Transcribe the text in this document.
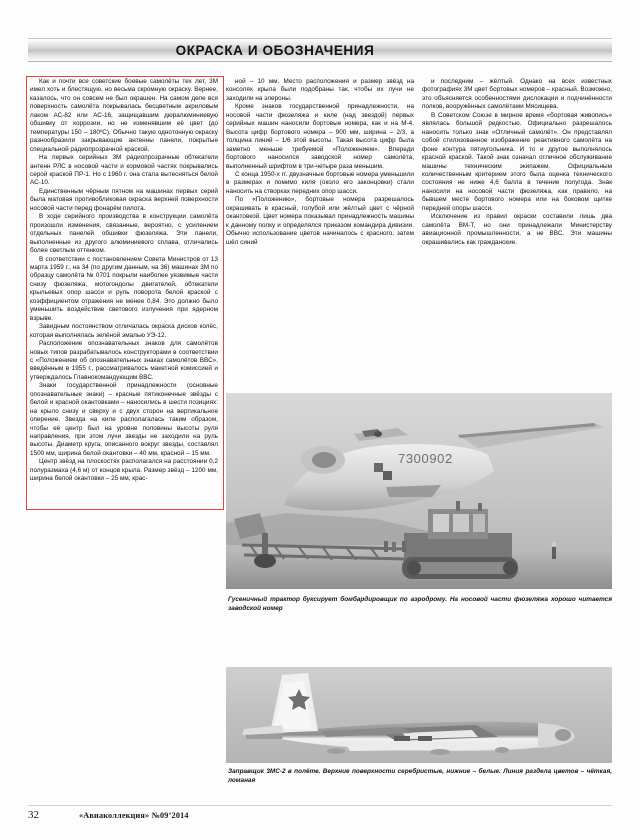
ОКРАСКА И ОБОЗНАЧЕНИЯ

Как и почти все советские боевые самолёты тех лет, 3М имел хоть и блестящую, но весьма скромную окраску. Вернее, казалось, что он совсем не был окрашен. На самом деле вся поверхность самолёта покрывалась бесцветным акриловым лаком АС-82 или АС-16, защищавшим дюралюминиевую обшивку от коррозии, но не изменявшим её цвет (до температуры 150 – 180ºС). Обычно такую однотонную окраску разнообразили закрывающие антенны панели, покрытые специальной радиопрозрачной краской.

На первых серийных 3М радиопрозрачные обтекатели антенн РЛС в носовой части и кормовой частях покрывались серой краской ПР-1. Но с 1960 г. она стала вытесняться белой АС-10.

Единственным чёрным пятном на машинах первых серий была матовая противобликовая окраска верхней поверхности носовой части перед фонарём пилота.

В ходе серийного производства в конструкции самолёта произошли изменения, связанные, вероятно, с усилением отдельных панелей обшивки фюзеляжа. Эти панели, выполненные из другого алюминиевого сплава, отличались более светлым оттенком.

В соответствии с постановлением Совета Министров от 13 марта 1959 г., на 34 (по другим данным, на 36) машинах 3М по образцу самолёта № 0701 покрыли наиболее уязвимые части снизу фюзеляжа, мотогондолы двигателей, обтекатели крыльевых опор шасси и руль поворота белой краской с коэффициентом отражения не менее 0,84. Это должно было уменьшить воздействие светового излучения при ядерном взрыве.

Завидным постоянством отличалась окраска дисков колёс, которая выполнялась зелёной эмалью УЭ-12.

Расположение опознавательных знаков для самолётов новых типов разрабатывалось конструкторами в соответствии с «Положением об опознавательных знаках самолётов ВВС», введённым в 1955 г., рассматривалось макетной комиссией и утверждалось Главнокомандующим ВВС.

Знаки государственной принадлежности (основные опознавательные знаки) – красные пятиконечные звёзды с белой и красной окантовками – наносились в шести позициях: на крыло снизу и сверху и с двух сторон на вертикальное оперение. Звезда на киле располагалась таким образом, чтобы её центр был на уровне половины высоты руля направления, при этом лучи звезды не заходили на руль высоты. Диаметр круга, описанного вокруг звезды, составлял 1500 мм, ширина белой окантовки – 40 мм, красной – 15 мм.

Центр звёзд на плоскостях располагался на расстоянии 0,2 полуразмаха (4,6 м) от концов крыла. Размер звёзд – 1200 мм, ширина белой окантовки – 25 мм, крас-

ной – 10 мм. Место расположения и размер звёзд на консолях крыла были подобраны так, чтобы их лучи не заходили на элероны.

Кроме знаков государственной принадлежности, на носовой части фюзеляжа и киле (над звездой) первых серийных машин наносили бортовые номера, как и на М-4. Высота цифр бортового номера – 900 мм, ширина – 2/3, а толщина линий – 1/6 этой высоты. Такая высота цифр была заметно меньше требуемой «Положением». Впереди бортового наносился заводской номер самолёта, выполненный шрифтом в три-четыре раза меньшим.

С конца 1950-х гг. двузначные бортовые номера уменьшили в размерах и помимо киля (около его законцовки) стали наносить на створках передних опор шасси.

По «Положению», бортовые номера разрешалось окрашивать в красный, голубой или жёлтый цвет с чёрной окантовкой. Цвет номера показывал принадлежность машины к данному полку и определялся приказом командира дивизии. Обычно использование цветов начиналось с красного, затем шёл синий

и последним – жёлтый. Однако на всех известных фотографиях 3М цвет бортовых номеров – красный. Возможно, это объясняется особенностями дислокации и подчинённости полков, вооружённых самолётами Мясищева.

В Советском Союзе в мирное время «бортовая живопись» являлась большой редкостью. Официально разрешалось наносить только знак «Отличный самолёт». Он представлял собой стилизованное изображение реактивного самолёта на фоне контура пятиугольника. И то и другое выполнялось красной краской. Такой знак означал отличное обслуживание машины техническим экипажем. Официальным количественным критерием этого была оценка технического состояния не ниже 4,6 балла в течение полугода. Знак наносили на носовой части фюзеляжа, как правило, на бывшем месте бортового номера или на боковом щитке передней опоры шасси.

Исключение из правил окраски составили лишь два самолёта ВМ-Т, но они принадлежали Министерству авиационной промышленности, а не ВВС. Эти машины окрашивались как гражданские.

7300902
Гусеничный трактор буксирует бомбардировщик по аэродрому. На носовой части фюзеляжа хорошо читается заводской номер
Заправщик 3МС-2 в полёте. Верхние поверхности серебристые, нижние – белые. Линия раздела цветов – чёткая, ломаная
32	«Авиаколлекция» №09’2014
